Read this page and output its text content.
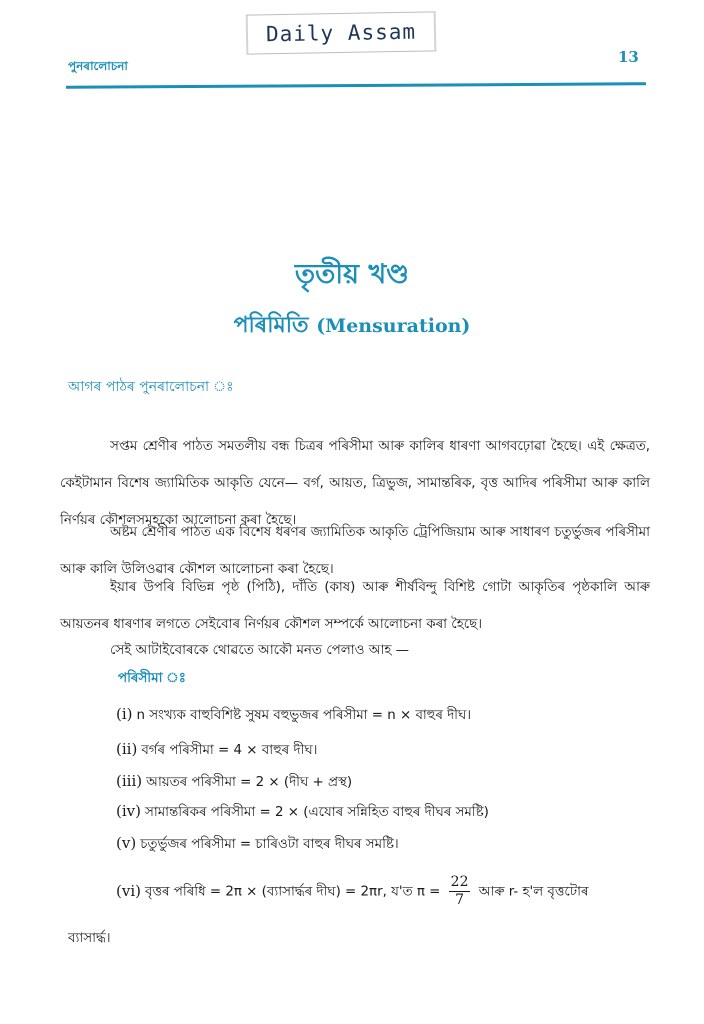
Daily Assam
পুনৰালোচনা	13
তৃতীয় খণ্ড
পৰিমিতি (Mensuration)
আগৰ পাঠৰ পুনৰালোচনা ঃ
সপ্তম শ্ৰেণীৰ পাঠত সমতলীয় বন্ধ চিত্ৰৰ পৰিসীমা আৰু কালিৰ ধাৰণা আগবঢ়োৱা হৈছে। এই ক্ষেত্ৰত, কেইটামান বিশেষ জ্যামিতিক আকৃতি যেনে— বৰ্গ, আয়ত, ত্ৰিভুজ, সামান্তৰিক, বৃত্ত আদিৰ পৰিসীমা আৰু কালি নিৰ্ণয়ৰ কৌশলসমূহকো আলোচনা কৰা হৈছে।
অষ্টম শ্ৰেণীৰ পাঠত এক বিশেষ ধৰণৰ জ্যামিতিক আকৃতি ট্ৰেপিজিয়াম আৰু সাধাৰণ চতুৰ্ভুজৰ পৰিসীমা আৰু কালি উলিওৱাৰ কৌশল আলোচনা কৰা হৈছে।
ইয়াৰ উপৰি বিভিন্ন পৃষ্ঠ (পিঠি), দাঁতি (কাষ) আৰু শীৰ্ষবিন্দু বিশিষ্ট গোটা আকৃতিৰ পৃষ্ঠকালি আৰু আয়তনৰ ধাৰণাৰ লগতে সেইবোৰ নিৰ্ণয়ৰ কৌশল সম্পৰ্কে আলোচনা কৰা হৈছে।
সেই আটাইবোৰকে থোৱতে আকৌ মনত পেলাও আহ —
পৰিসীমা ঃ
(i) n সংখ্যক বাহুবিশিষ্ট সুষম বহুভুজৰ পৰিসীমা = n × বাহুৰ দীঘ।
(ii) বৰ্গৰ পৰিসীমা = 4 × বাহুৰ দীঘ।
(iii) আয়তৰ পৰিসীমা = 2 × (দীঘ + প্ৰস্থ)
(iv) সামান্তৰিকৰ পৰিসীমা = 2 × (এযোৰ সন্নিহিত বাহুৰ দীঘৰ সমষ্টি)
(v) চতুৰ্ভুজৰ পৰিসীমা = চাৰিওটা বাহুৰ দীঘৰ সমষ্টি।
(vi) বৃত্তৰ পৰিধি = 2π × (ব্যাসাৰ্দ্ধৰ দীঘ) = 2πr, য'ত $\pi = \frac{22}{7}$ আৰু r- হ'ল বৃত্তটোৰ
ব্যাসাৰ্দ্ধ।
